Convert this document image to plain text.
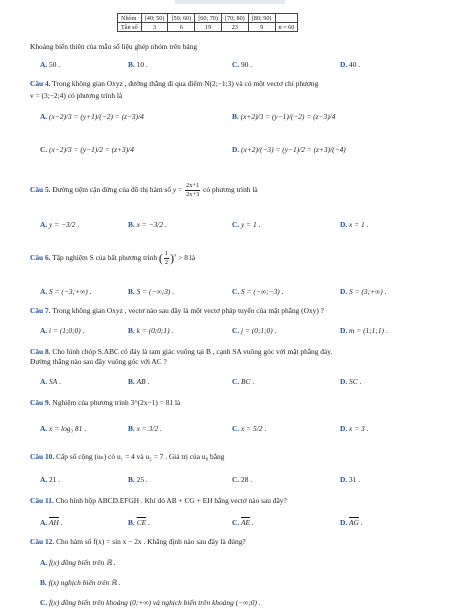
Nhóm	[40; 50)	[50; 60)	[60; 70)	[70; 80)	[80; 90)	
Tần số	3	6	19	23	9	n = 60
Khoảng biến thiên của mẫu số liệu ghép nhóm trên bảng
A. 50 .	B. 10 .	C. 90 .	D. 40 .
Câu 4. Trong không gian Oxyz , đường thẳng đi qua điểm N(2;−1;3) và có một vectơ chỉ phương
v = (3;−2;4) có phương trình là
A. (x−2)/3 = (y+1)/(−2) = (z−3)/4	B. (x+2)/3 = (y−1)/(−2) = (z−3)/4
C. (x−2)/3 = (y−1)/2 = (z+3)/4	D. (x+2)/(−3) = (y−1)/2 = (z+3)/(−4)
Câu 5. Đường tiệm cận đứng của đồ thị hàm số $y = \frac{2x+1}{2x+3}$ có phương trình là
A. y = −3/2 .	B. x = −3/2 .	C. y = 1 .	D. x = 1 .
Câu 6. Tập nghiệm S của bất phương trình ( $\frac{1}{2} )^x > 8$ là
A. S = (−3;+∞) .	B. S = (−∞;3) .	C. S = (−∞;−3) .	D. S = (3;+∞) .
Câu 7. Trong không gian Oxyz , vectơ nào sau đây là một vectơ pháp tuyến của mặt phẳng (Oxy) ?
A. i = (1;0;0) .	B. k = (0;0;1) .	C. j = (0;1;0) .	D. m = (1;1;1) .
Câu 8. Cho hình chóp S.ABC có đáy là tam giác vuông tại B , cạnh SA vuông góc với mặt phẳng đáy.
Đường thẳng nào sau đây vuông góc với AC ?
A. SA .	B. AB .	C. BC .	D. SC .
Câu 9. Nghiệm của phương trình 3^(2x−1) = 81 là
A. x = log₃ 81 .	B. x = 3/2 .	C. x = 5/2 .	D. x = 3 .
Câu 10. Cấp số cộng (uₙ) có u₁ = 4 và u₂ = 7 . Giá trị của u₈ bằng
A. 21 .	B. 25 .	C. 28 .	D. 31 .
Câu 11. Cho hình hộp ABCD.EFGH . Khi đó AB + CG + EH bằng vectơ nào sau đây?
A. $\overline{AH}$ .	B. $\overline{CE}$ .	C. $\overline{AE}$ .	D. $\overline{AG}$ .
Câu 12. Cho hàm số f(x) = sin x − 2x . Khẳng định nào sau đây là đúng?
A. f(x) đồng biến trên ℝ .
B. f(x) nghịch biến trên ℝ .
C. f(x) đồng biến trên khoảng (0;+∞) và nghịch biến trên khoảng (−∞;0) .
